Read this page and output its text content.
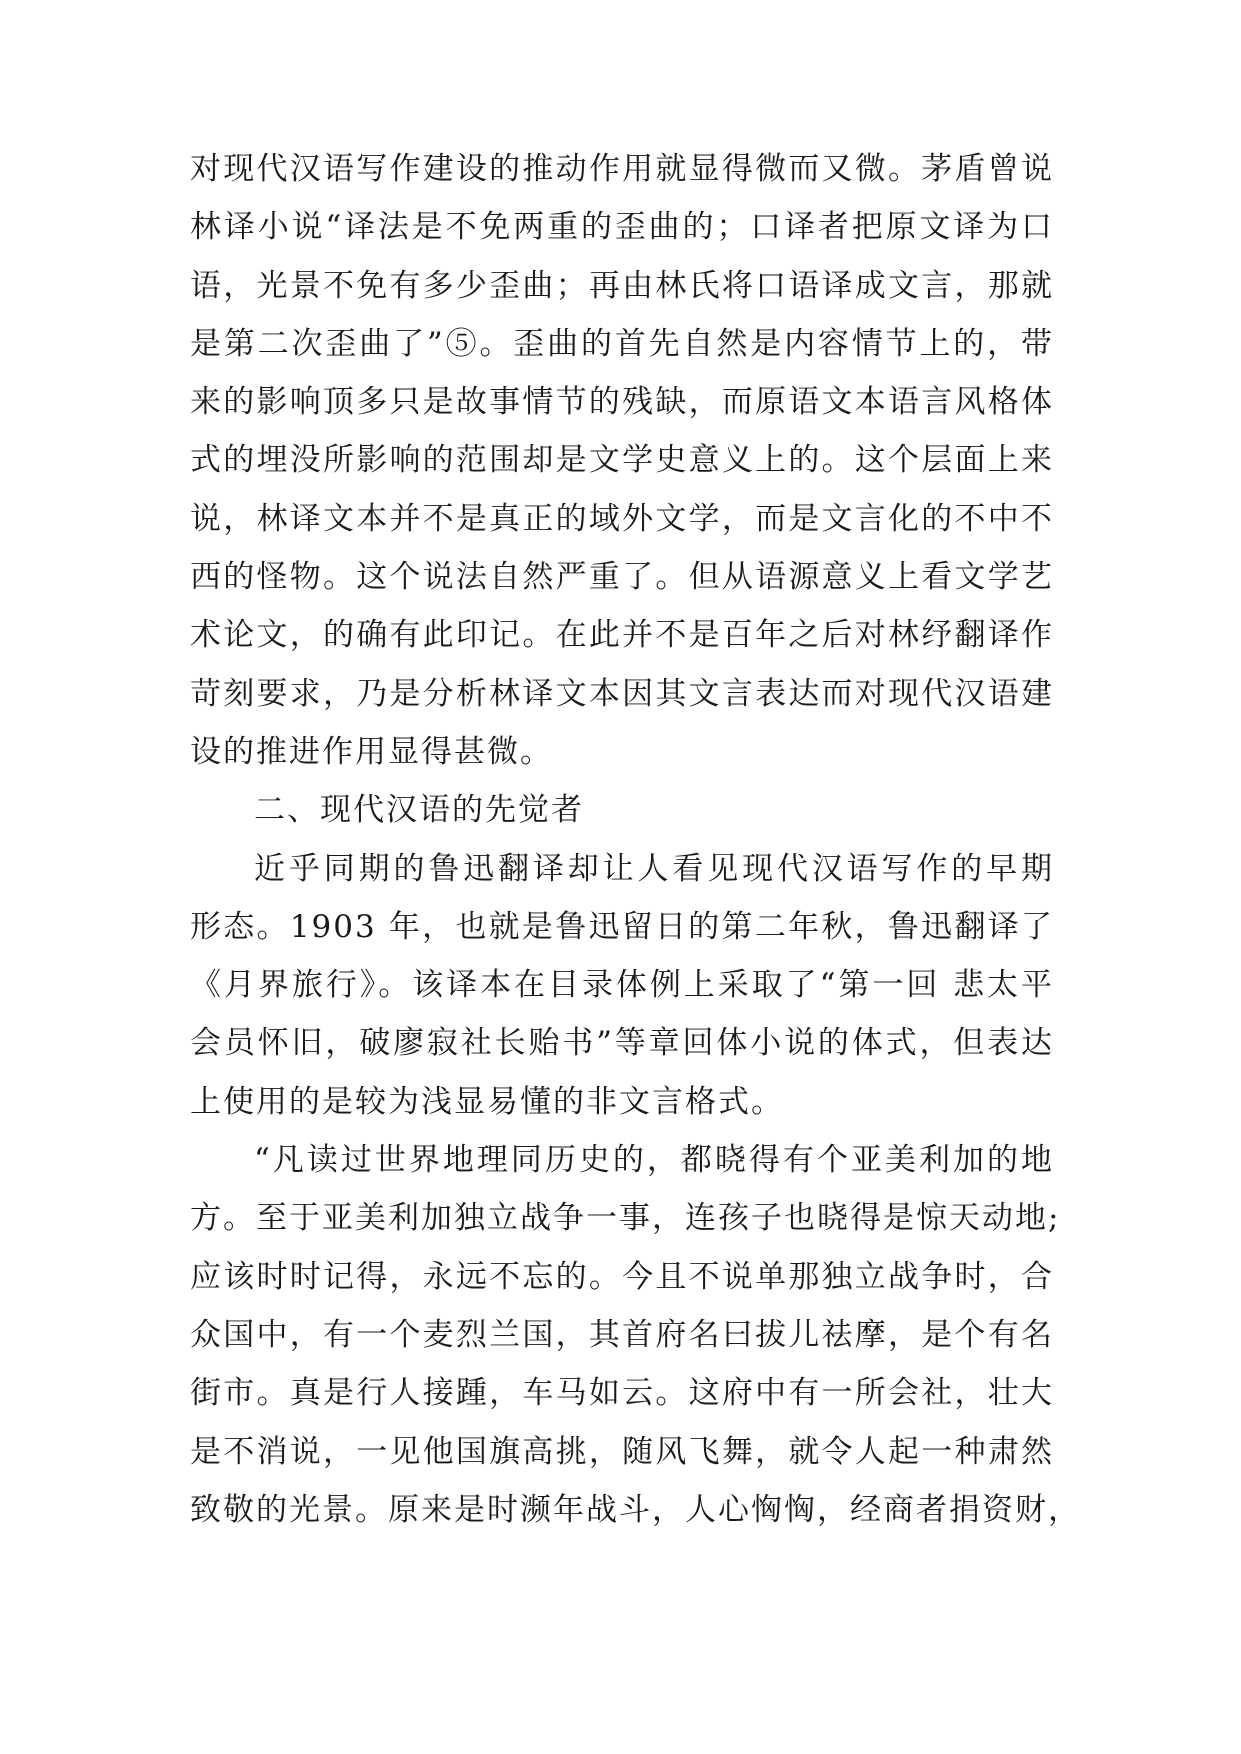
对现代汉语写作建设的推动作用就显得微而又微。茅盾曾说
林译小说“译法是不免两重的歪曲的；口译者把原文译为口
语，光景不免有多少歪曲；再由林氏将口语译成文言，那就
是第二次歪曲了”⑤。歪曲的首先自然是内容情节上的，带
来的影响顶多只是故事情节的残缺，而原语文本语言风格体
式的埋没所影响的范围却是文学史意义上的。这个层面上来
说，林译文本并不是真正的域外文学，而是文言化的不中不
西的怪物。这个说法自然严重了。但从语源意义上看文学艺
术论文，的确有此印记。在此并不是百年之后对林纾翻译作
苛刻要求，乃是分析林译文本因其文言表达而对现代汉语建
设的推进作用显得甚微。
二、现代汉语的先觉者
近乎同期的鲁迅翻译却让人看见现代汉语写作的早期
形态。1903 年，也就是鲁迅留日的第二年秋，鲁迅翻译了
《月界旅行》。该译本在目录体例上采取了“第一回 悲太平
会员怀旧，破廖寂社长贻书”等章回体小说的体式，但表达
上使用的是较为浅显易懂的非文言格式。
“凡读过世界地理同历史的，都晓得有个亚美利加的地
方。至于亚美利加独立战争一事，连孩子也晓得是惊天动地;
应该时时记得，永远不忘的。今且不说单那独立战争时，合
众国中，有一个麦烈兰国，其首府名曰拔儿祛摩，是个有名
街市。真是行人接踵，车马如云。这府中有一所会社，壮大
是不消说，一见他国旗高挑，随风飞舞，就令人起一种肃然
致敬的光景。原来是时濒年战斗，人心恟恟，经商者捐资财，
